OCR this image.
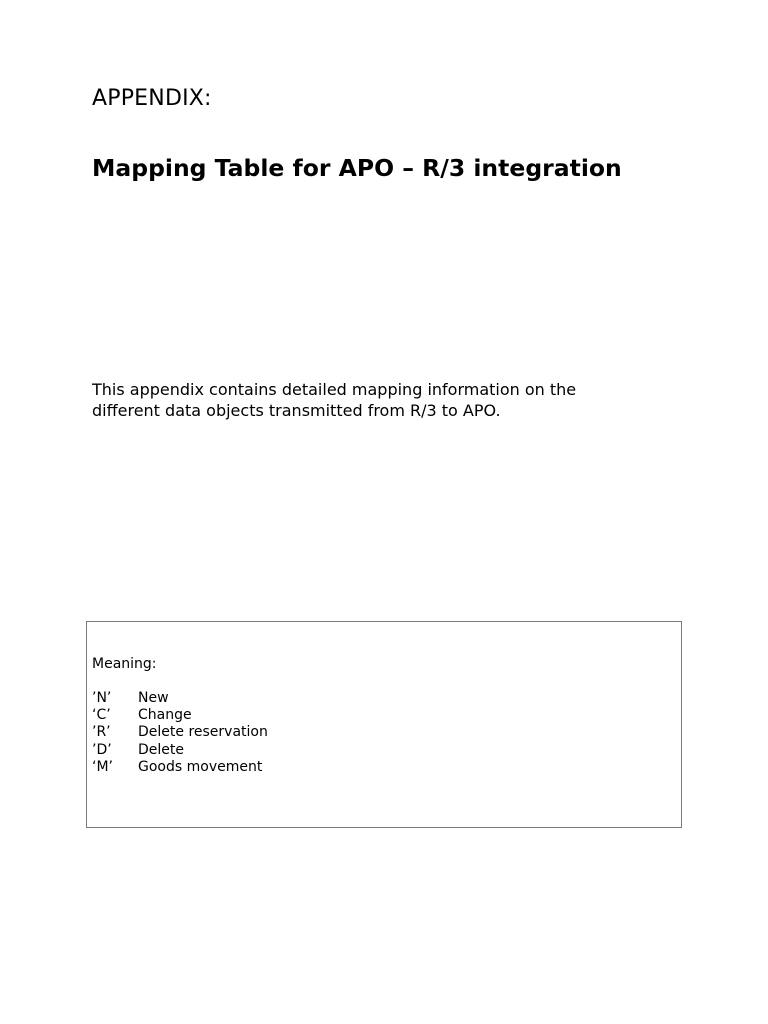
APPENDIX:
Mapping Table for APO – R/3 integration

This appendix contains detailed mapping information on the

different data objects transmitted from R/3 to APO.

Meaning:
’N’ New
‘C’ Change
’R’ Delete reservation
’D’ Delete
‘M’ Goods movement
